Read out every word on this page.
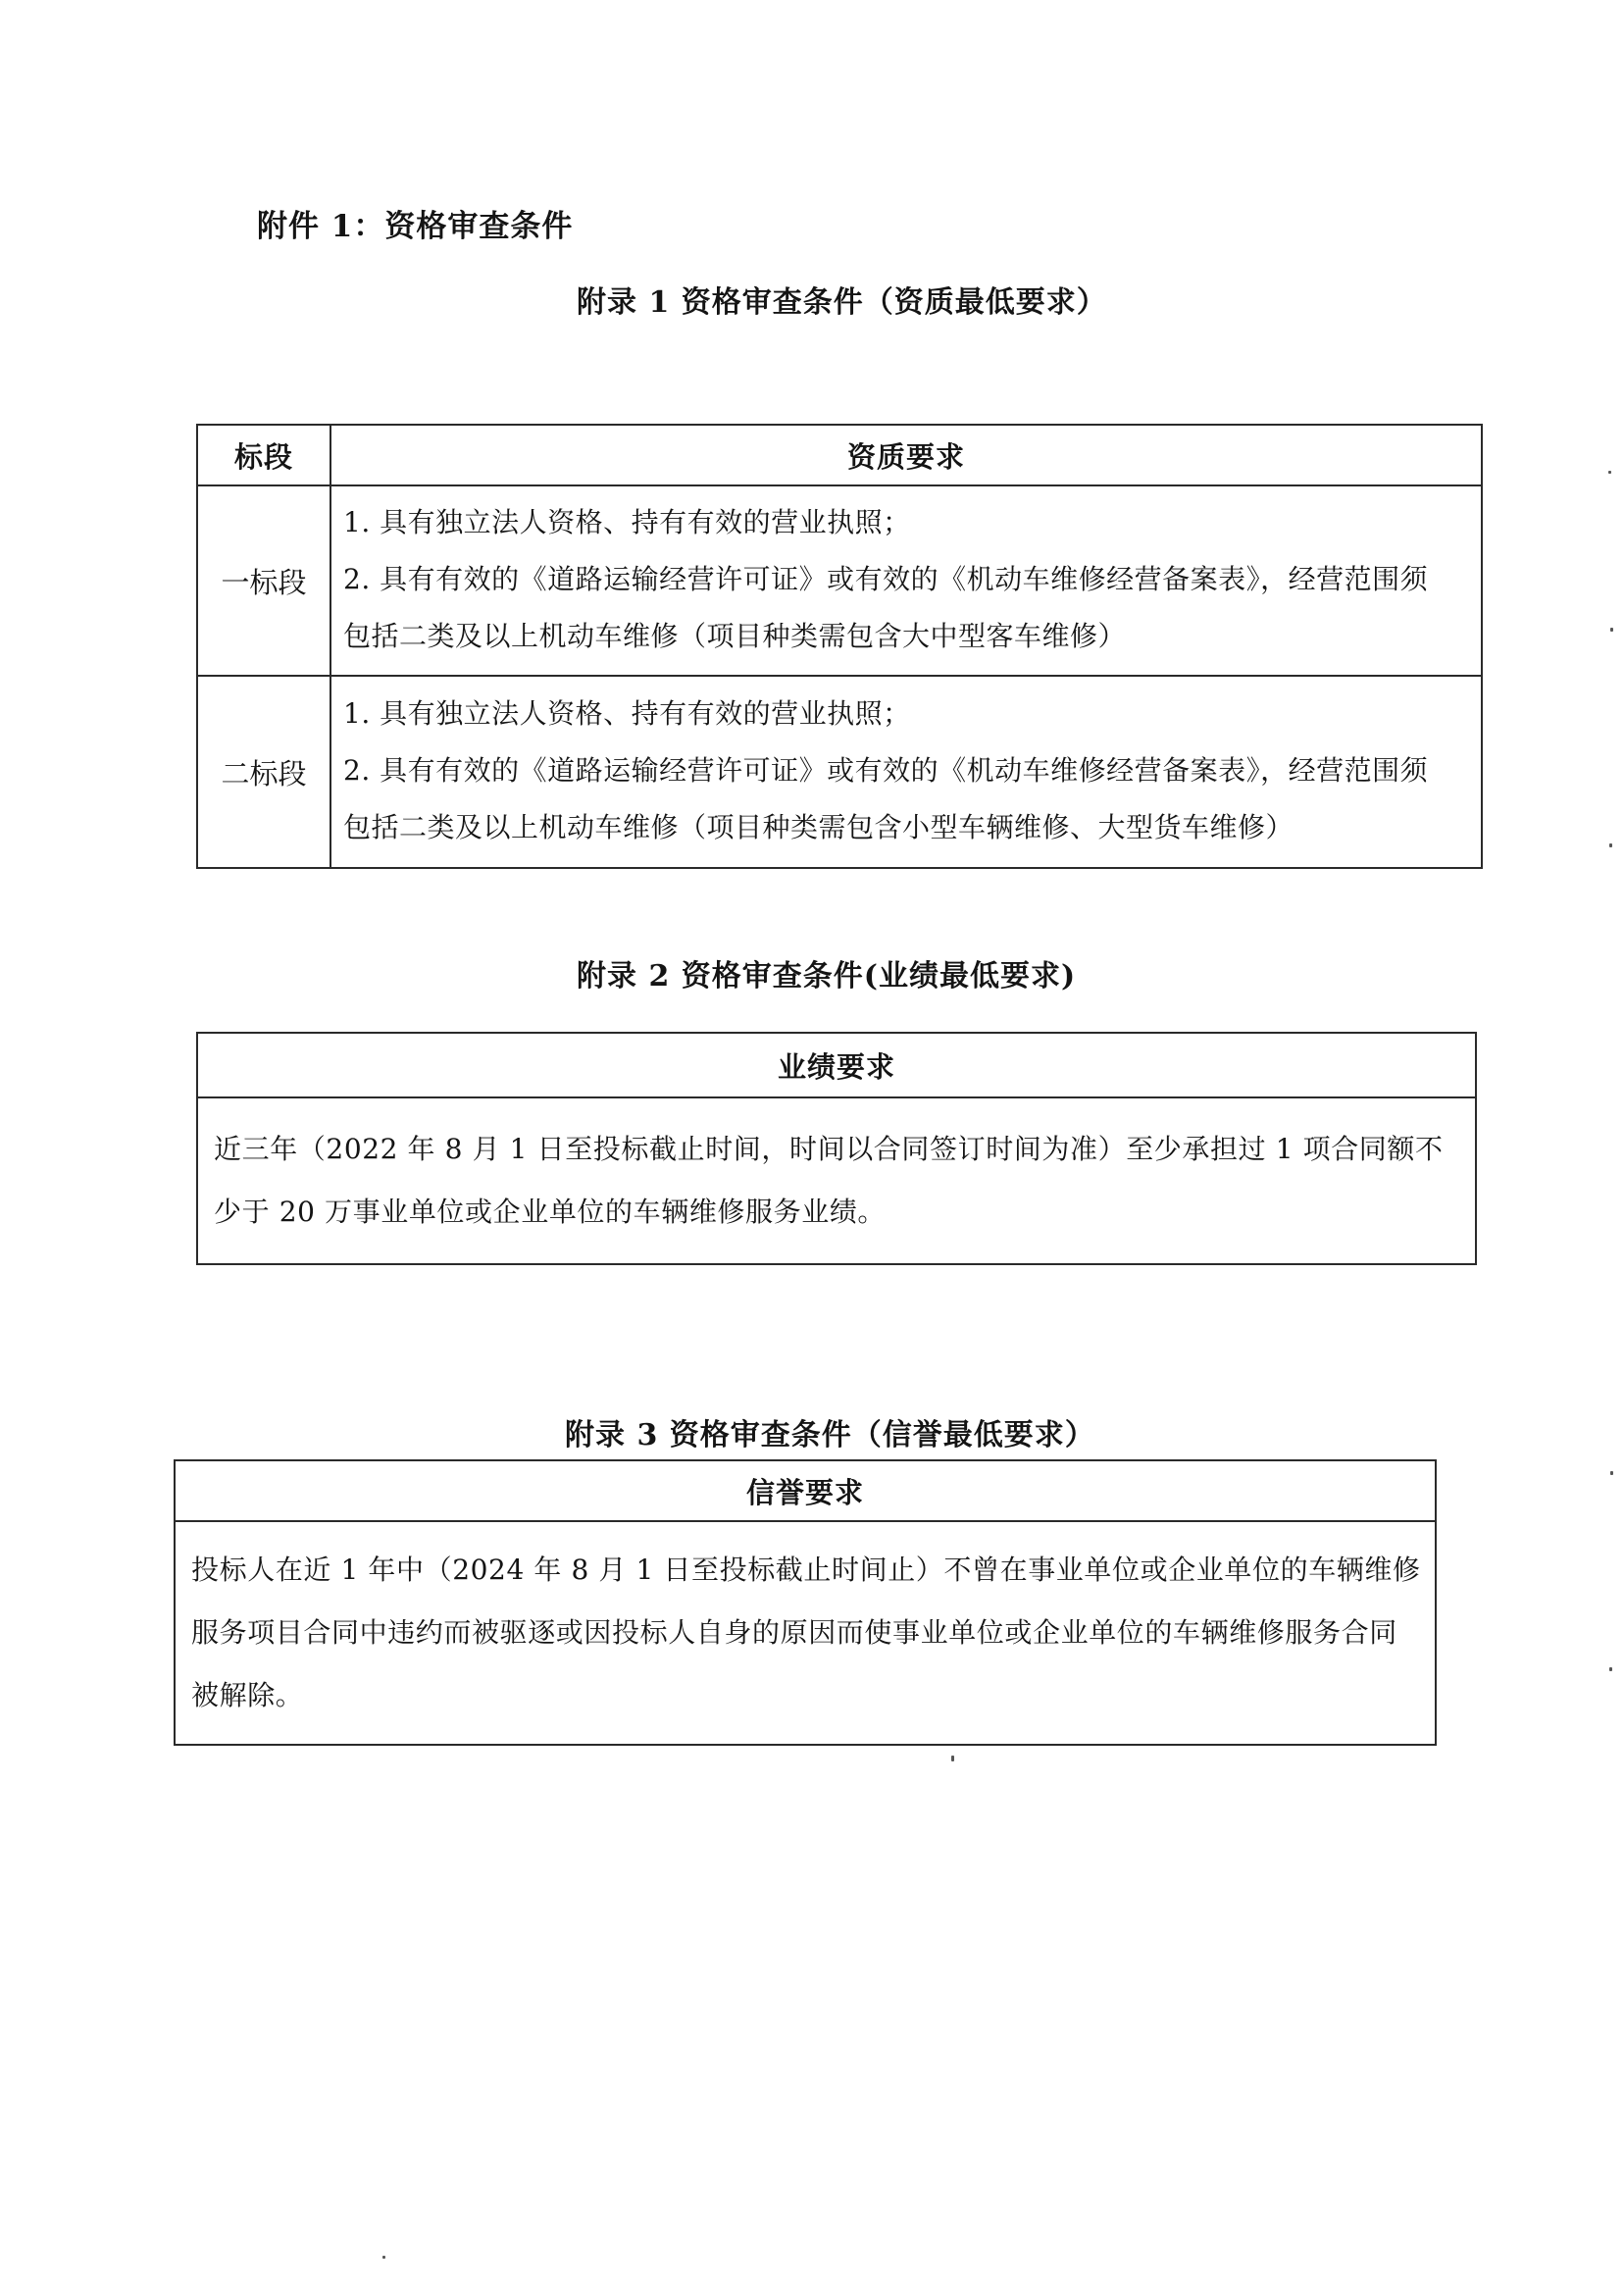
附件 1：资格审查条件
附录 1 资格审查条件（资质最低要求）
标段	资质要求
一标段	1. 具有独立法人资格、持有有效的营业执照；
2. 具有有效的《道路运输经营许可证》或有效的《机动车维修经营备案表》，经营范围须
包括二类及以上机动车维修（项目种类需包含大中型客车维修）

二标段	1. 具有独立法人资格、持有有效的营业执照；
2. 具有有效的《道路运输经营许可证》或有效的《机动车维修经营备案表》，经营范围须
包括二类及以上机动车维修（项目种类需包含小型车辆维修、大型货车维修）
附录 2 资格审查条件(业绩最低要求)
业绩要求
近三年（2022 年 8 月 1 日至投标截止时间，时间以合同签订时间为准）至少承担过 1 项合同额不少于 20 万事业单位或企业单位的车辆维修服务业绩。
附录 3 资格审查条件（信誉最低要求）
信誉要求
投标人在近 1 年中（2024 年 8 月 1 日至投标截止时间止）不曾在事业单位或企业单位的车辆维修服务项目合同中违约而被驱逐或因投标人自身的原因而使事业单位或企业单位的车辆维修服务合同被解除。
